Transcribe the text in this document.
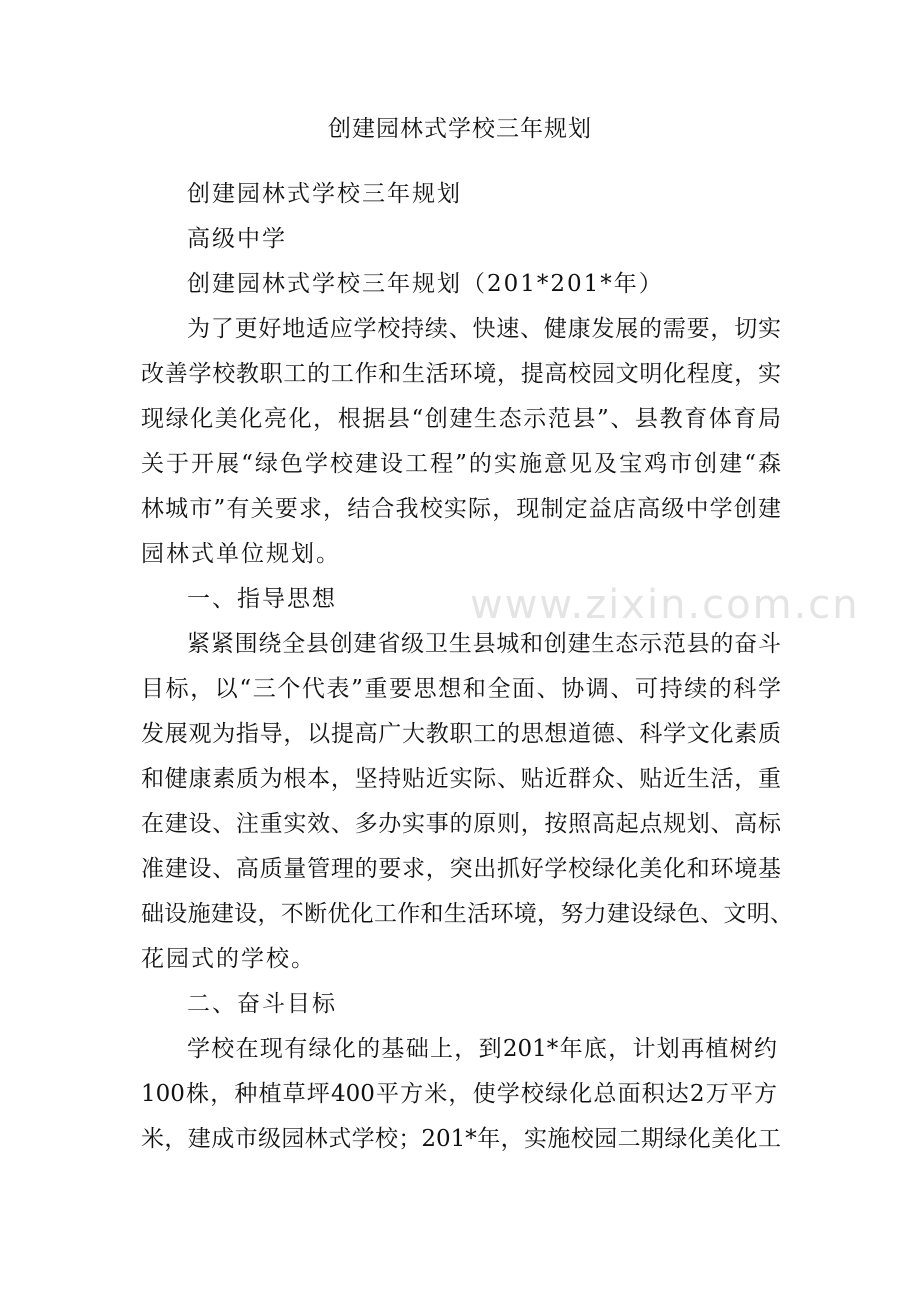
www.zixin.com.cn
创建园林式学校三年规划
创建园林式学校三年规划
高级中学
创建园林式学校三年规划（201*201*年）
为了更好地适应学校持续、快速、健康发展的需要，切实
改善学校教职工的工作和生活环境，提高校园文明化程度，实
现绿化美化亮化，根据县“创建生态示范县”、县教育体育局
关于开展“绿色学校建设工程”的实施意见及宝鸡市创建“森
林城市”有关要求，结合我校实际，现制定益店高级中学创建
园林式单位规划。
一、指导思想
紧紧围绕全县创建省级卫生县城和创建生态示范县的奋斗
目标，以“三个代表”重要思想和全面、协调、可持续的科学
发展观为指导，以提高广大教职工的思想道德、科学文化素质
和健康素质为根本，坚持贴近实际、贴近群众、贴近生活，重
在建设、注重实效、多办实事的原则，按照高起点规划、高标
准建设、高质量管理的要求，突出抓好学校绿化美化和环境基
础设施建设，不断优化工作和生活环境，努力建设绿色、文明、
花园式的学校。
二、奋斗目标
学校在现有绿化的基础上，到201*年底，计划再植树约
100株，种植草坪400平方米，使学校绿化总面积达2万平方
米，建成市级园林式学校；201*年，实施校园二期绿化美化工
